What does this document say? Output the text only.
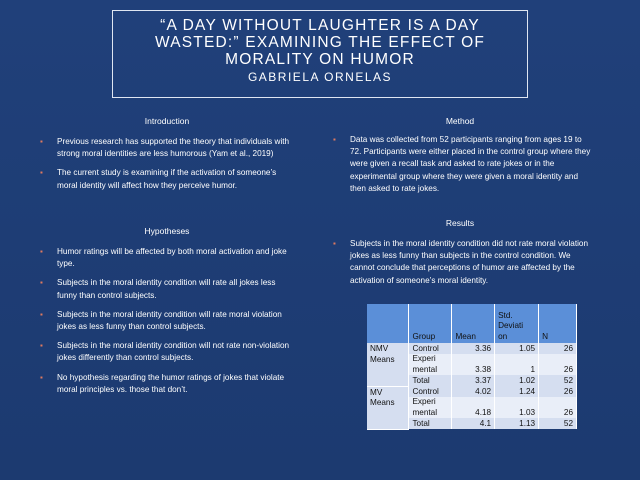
“A DAY WITHOUT LAUGHTER IS A DAY
WASTED:” EXAMINING THE EFFECT OF
MORALITY ON HUMOR
GABRIELA ORNELAS
Introduction
▪ Previous research has supported the theory that individuals with strong moral identities are less humorous (Yam et al., 2019)
▪ The current study is examining if the activation of someone’s moral identity will affect how they perceive humor.
Hypotheses
▪ Humor ratings will be affected by both moral activation and joke type.
▪ Subjects in the moral identity condition will rate all jokes less funny than control subjects.
▪ Subjects in the moral identity condition will rate moral violation jokes as less funny than control subjects.
▪ Subjects in the moral identity condition will not rate non-violation jokes differently than control subjects.
▪ No hypothesis regarding the humor ratings of jokes that violate moral principles vs. those that don’t.
Method
▪ Data was collected from 52 participants ranging from ages 19 to 72. Participants were either placed in the control group where they were given a recall task and asked to rate jokes or in the experimental group where they were given a moral identity and then asked to rate jokes.
Results
▪ Subjects in the moral identity condition did not rate moral violation jokes as less funny than subjects in the control condition. We cannot conclude that perceptions of humor are affected by the activation of someone’s moral identity.
	Group	Mean	Std.
Deviati
on	N
NMV Means	Control	3.36	1.05	26
	Experi
mental	3.38	1	26
	Total	3.37	1.02	52
MV Means	Control	4.02	1.24	26
	Experi
mental	4.18	1.03	26
	Total	4.1	1.13	52
